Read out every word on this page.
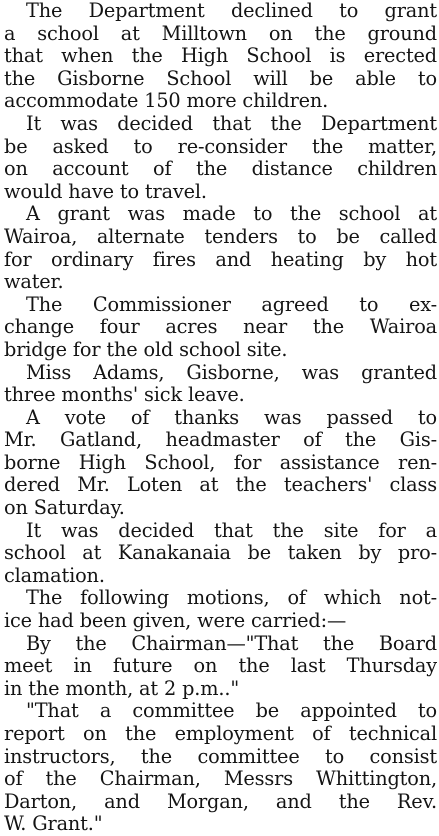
The Department declined to grant
a school at Milltown on the ground
that when the High School is erected
the Gisborne School will be able to
accommodate 150 more children.

It was decided that the Department
be asked to re-consider the matter,
on account of the distance children
would have to travel.

A grant was made to the school at
Wairoa, alternate tenders to be called
for ordinary fires and heating by hot
water.

The Commissioner agreed to ex-
change four acres near the Wairoa
bridge for the old school site.

Miss Adams, Gisborne, was granted
three months' sick leave.

A vote of thanks was passed to
Mr. Gatland, headmaster of the Gis-
borne High School, for assistance ren-
dered Mr. Loten at the teachers' class
on Saturday.

It was decided that the site for a
school at Kanakanaia be taken by pro-
clamation.

The following motions, of which not-
ice had been given, were carried:—

By the Chairman—"That the Board
meet in future on the last Thursday
in the month, at 2 p.m.."

"That a committee be appointed to
report on the employment of technical
instructors, the committee to consist
of the Chairman, Messrs Whittington,
Darton, and Morgan, and the Rev.
W. Grant."
